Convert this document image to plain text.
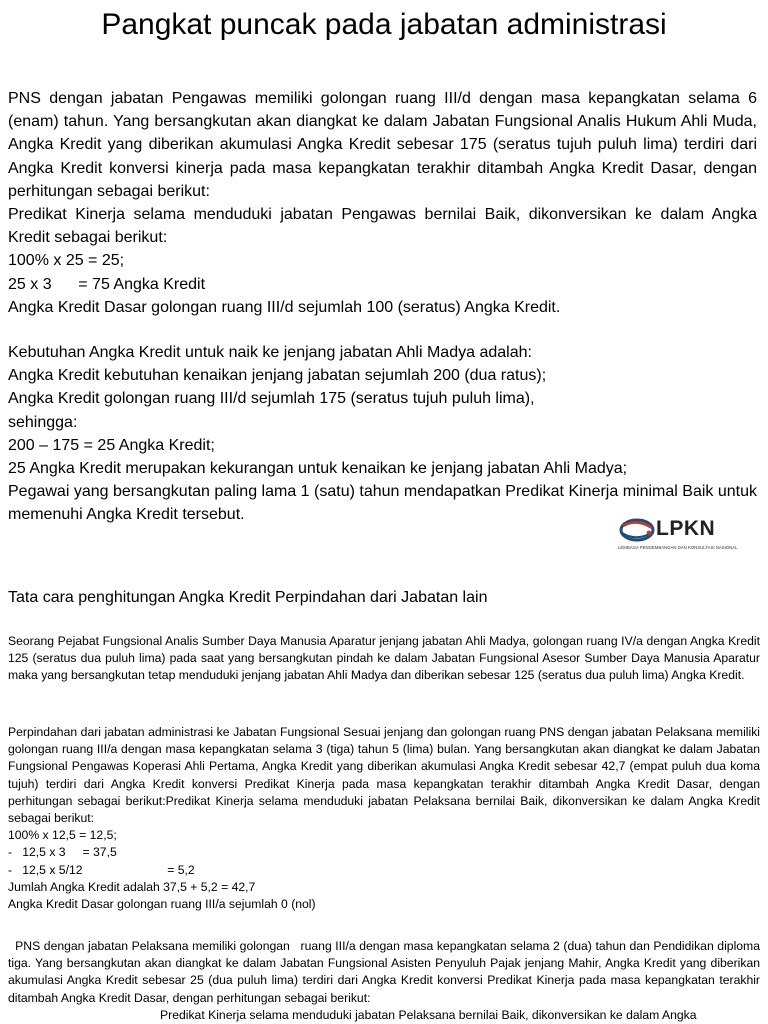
Pangkat puncak pada jabatan administrasi

PNS dengan jabatan Pengawas memiliki golongan ruang III/d dengan masa kepangkatan selama 6 (enam) tahun. Yang bersangkutan akan diangkat ke dalam Jabatan Fungsional Analis Hukum Ahli Muda, Angka Kredit yang diberikan akumulasi Angka Kredit sebesar 175 (seratus tujuh puluh lima) terdiri dari Angka Kredit konversi kinerja pada masa kepangkatan terakhir ditambah Angka Kredit Dasar, dengan perhitungan sebagai berikut:

Predikat Kinerja selama menduduki jabatan Pengawas bernilai Baik, dikonversikan ke dalam Angka Kredit sebagai berikut:

100% x 25 = 25;

25 x 3 = 75 Angka Kredit

Angka Kredit Dasar golongan ruang III/d sejumlah 100 (seratus) Angka Kredit.

Kebutuhan Angka Kredit untuk naik ke jenjang jabatan Ahli Madya adalah:

Angka Kredit kebutuhan kenaikan jenjang jabatan sejumlah 200 (dua ratus);

Angka Kredit golongan ruang III/d sejumlah 175 (seratus tujuh puluh lima),

sehingga:

200 – 175 = 25 Angka Kredit;

25 Angka Kredit merupakan kekurangan untuk kenaikan ke jenjang jabatan Ahli Madya;

Pegawai yang bersangkutan paling lama 1 (satu) tahun mendapatkan Predikat Kinerja minimal Baik untuk memenuhi Angka Kredit tersebut.

LPKN
LEMBAGA PENGEMBANGAN DAN KONSULTASI NASIONAL
Tata cara penghitungan Angka Kredit Perpindahan dari Jabatan lain

Seorang Pejabat Fungsional Analis Sumber Daya Manusia Aparatur jenjang jabatan Ahli Madya, golongan ruang IV/a dengan Angka Kredit 125 (seratus dua puluh lima) pada saat yang bersangkutan pindah ke dalam Jabatan Fungsional Asesor Sumber Daya Manusia Aparatur maka yang bersangkutan tetap menduduki jenjang jabatan Ahli Madya dan diberikan sebesar 125 (seratus dua puluh lima) Angka Kredit.

Perpindahan dari jabatan administrasi ke Jabatan Fungsional Sesuai jenjang dan golongan ruang PNS dengan jabatan Pelaksana memiliki golongan ruang III/a dengan masa kepangkatan selama 3 (tiga) tahun 5 (lima) bulan. Yang bersangkutan akan diangkat ke dalam Jabatan Fungsional Pengawas Koperasi Ahli Pertama, Angka Kredit yang diberikan akumulasi Angka Kredit sebesar 42,7 (empat puluh dua koma tujuh) terdiri dari Angka Kredit konversi Predikat Kinerja pada masa kepangkatan terakhir ditambah Angka Kredit Dasar, dengan perhitungan sebagai berikut:Predikat Kinerja selama menduduki jabatan Pelaksana bernilai Baik, dikonversikan ke dalam Angka Kredit sebagai berikut:

100% x 12,5 = 12,5;

-   12,5 x 3     = 37,5

-   12,5 x 5/12	= 5,2

Jumlah Angka Kredit adalah 37,5 + 5,2 = 42,7

Angka Kredit Dasar golongan ruang III/a sejumlah 0 (nol)

PNS dengan jabatan Pelaksana memiliki golongan   ruang III/a dengan masa kepangkatan selama 2 (dua) tahun dan Pendidikan diploma tiga. Yang bersangkutan akan diangkat ke dalam Jabatan Fungsional Asisten Penyuluh Pajak jenjang Mahir, Angka Kredit yang diberikan akumulasi Angka Kredit sebesar 25 (dua puluh lima) terdiri dari Angka Kredit konversi Predikat Kinerja pada masa kepangkatan terakhir ditambah Angka Kredit Dasar, dengan perhitungan sebagai berikut:

Predikat Kinerja selama menduduki jabatan Pelaksana bernilai Baik, dikonversikan ke dalam Angka
